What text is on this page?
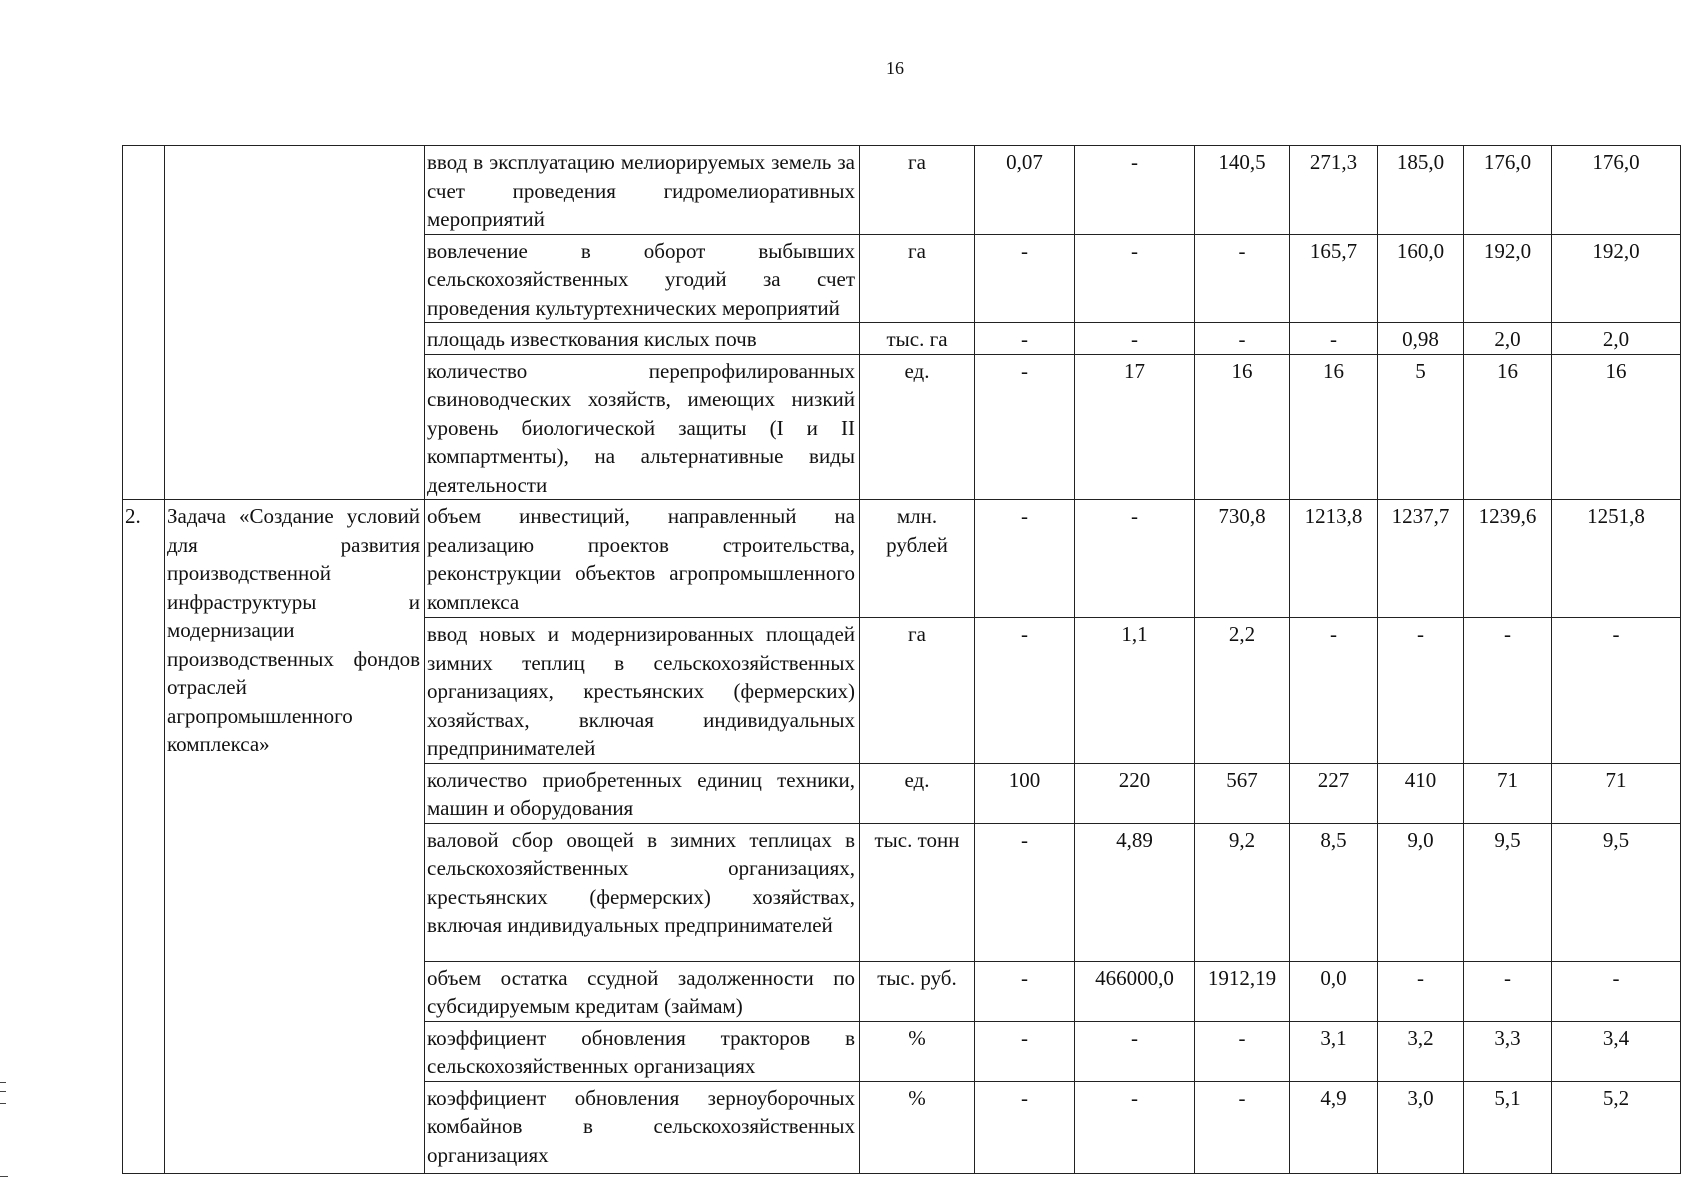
16
		ввод в эксплуатацию мелиорируемых земель за счет проведения гидромелиоративных мероприятий	га	0,07	-	140,5	271,3	185,0	176,0	176,0
		вовлечение в оборот выбывших сельскохозяйственных угодий за счет проведения культуртехнических мероприятий	га	-	-	-	165,7	160,0	192,0	192,0
		площадь известкования кислых почв	тыс. га	-	-	-	-	0,98	2,0	2,0
		количество перепрофилированных свиноводческих хозяйств, имеющих низкий уровень биологической защиты (I и II компартменты), на альтернативные виды деятельности	ед.	-	17	16	16	5	16	16
2.	Задача «Создание условий для развития производственной инфраструктуры и модернизации производственных фондов отраслей агропромышленного комплекса»	объем инвестиций, направленный на реализацию проектов строительства, реконструкции объектов агропромышленного комплекса	млн. рублей	-	-	730,8	1213,8	1237,7	1239,6	1251,8
		ввод новых и модернизированных площадей зимних теплиц в сельскохозяйственных организациях, крестьянских (фермерских) хозяйствах, включая индивидуальных предпринимателей	га	-	1,1	2,2	-	-	-	-
		количество приобретенных единиц техники, машин и оборудования	ед.	100	220	567	227	410	71	71
		валовой сбор овощей в зимних теплицах в сельскохозяйственных организациях, крестьянских (фермерских) хозяйствах, включая индивидуальных предпринимателей	тыс. тонн	-	4,89	9,2	8,5	9,0	9,5	9,5
		объем остатка ссудной задолженности по субсидируемым кредитам (займам)	тыс. руб.	-	466000,0	1912,19	0,0	-	-	-
		коэффициент обновления тракторов в сельскохозяйственных организациях	%	-	-	-	3,1	3,2	3,3	3,4
		коэффициент обновления зерноуборочных комбайнов в сельскохозяйственных организациях	%	-	-	-	4,9	3,0	5,1	5,2
